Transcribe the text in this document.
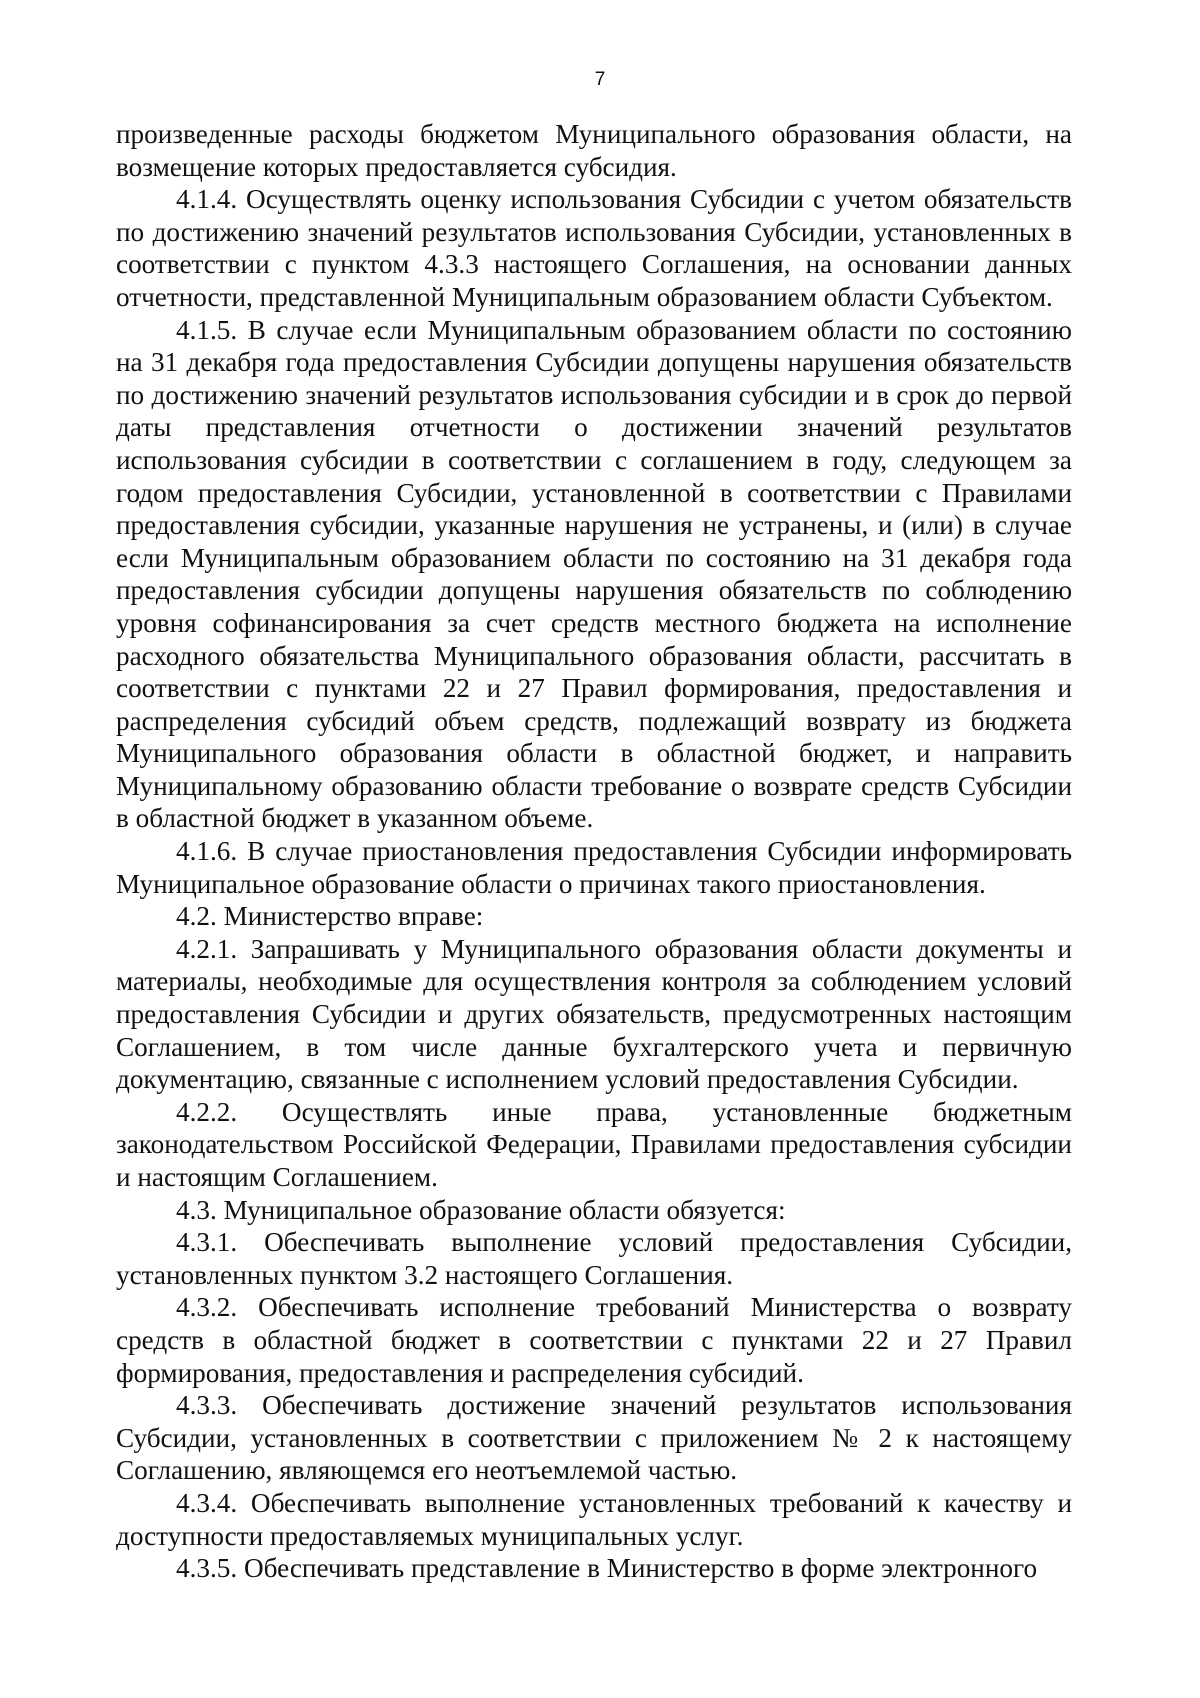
7

произведенные расходы бюджетом Муниципального образования области, на возмещение которых предоставляется субсидия.

4.1.4. Осуществлять оценку использования Субсидии с учетом обязательств по достижению значений результатов использования Субсидии, установленных в соответствии с пунктом 4.3.3 настоящего Соглашения, на основании данных отчетности, представленной Муниципальным образованием области Субъектом.

4.1.5. В случае если Муниципальным образованием области по состоянию на 31 декабря года предоставления Субсидии допущены нарушения обязательств по достижению значений результатов использования субсидии и в срок до первой даты представления отчетности о достижении значений результатов использования субсидии в соответствии с соглашением в году, следующем за годом предоставления Субсидии, установленной в соответствии с Правилами предоставления субсидии, указанные нарушения не устранены, и (или) в случае если Муниципальным образованием области по состоянию на 31 декабря года предоставления субсидии допущены нарушения обязательств по соблюдению уровня софинансирования за счет средств местного бюджета на исполнение расходного обязательства Муниципального образования области, рассчитать в соответствии с пунктами 22 и 27 Правил формирования, предоставления и распределения субсидий объем средств, подлежащий возврату из бюджета Муниципального образования области в областной бюджет, и направить Муниципальному образованию области требование о возврате средств Субсидии в областной бюджет в указанном объеме.

4.1.6. В случае приостановления предоставления Субсидии информировать Муниципальное образование области о причинах такого приостановления.

4.2. Министерство вправе:

4.2.1. Запрашивать у Муниципального образования области документы и материалы, необходимые для осуществления контроля за соблюдением условий предоставления Субсидии и других обязательств, предусмотренных настоящим Соглашением, в том числе данные бухгалтерского учета и первичную документацию, связанные с исполнением условий предоставления Субсидии.

4.2.2. Осуществлять иные права, установленные бюджетным законодательством Российской Федерации, Правилами предоставления субсидии и настоящим Соглашением.

4.3. Муниципальное образование области обязуется:

4.3.1. Обеспечивать выполнение условий предоставления Субсидии, установленных пунктом 3.2 настоящего Соглашения.

4.3.2. Обеспечивать исполнение требований Министерства о возврату средств в областной бюджет в соответствии с пунктами 22 и 27 Правил формирования, предоставления и распределения субсидий.

4.3.3. Обеспечивать достижение значений результатов использования Субсидии, установленных в соответствии с приложением № 2 к настоящему Соглашению, являющемся его неотъемлемой частью.

4.3.4. Обеспечивать выполнение установленных требований к качеству и доступности предоставляемых муниципальных услуг.

4.3.5. Обеспечивать представление в Министерство в форме электронного
